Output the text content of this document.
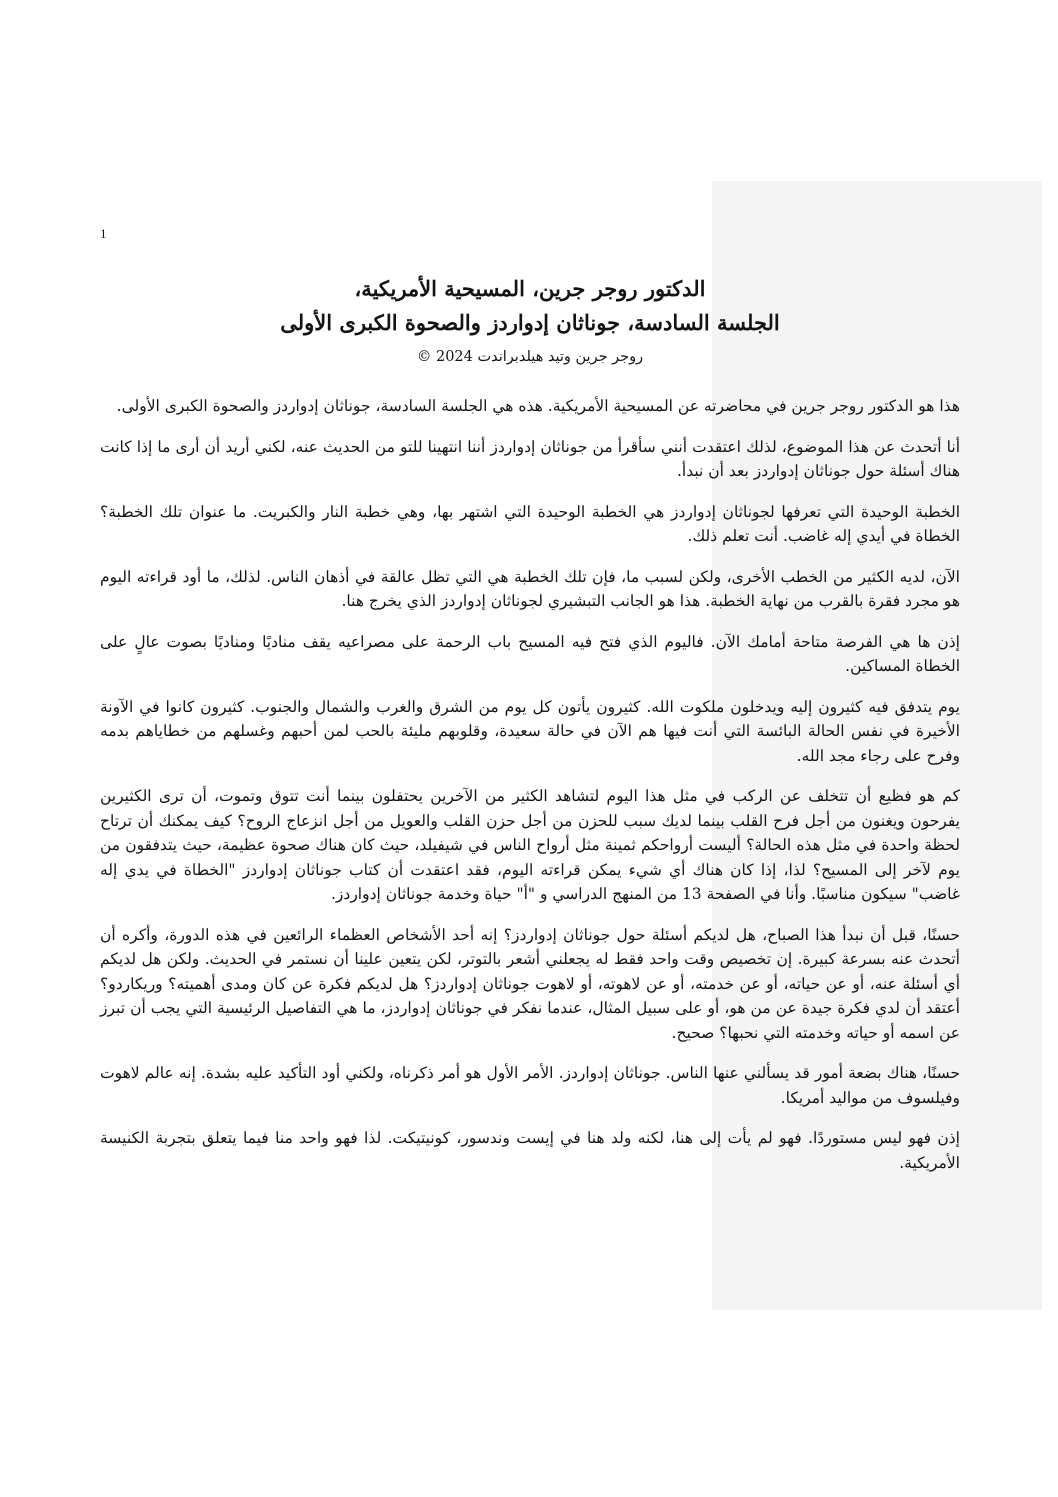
1
الدكتور روجر جرين، المسيحية الأمريكية،
الجلسة السادسة، جوناثان إدواردز والصحوة الكبرى الأولى
روجر جرين وتيد هيلدبراندت 2024 ©

هذا هو الدكتور روجر جرين في محاضرته عن المسيحية الأمريكية. هذه هي الجلسة السادسة، جوناثان إدواردز والصحوة الكبرى الأولى.

أنا أتحدث عن هذا الموضوع، لذلك اعتقدت أنني سأقرأ من جوناثان إدواردز أننا انتهينا للتو من الحديث عنه، لكني أريد أن أرى ما إذا كانت هناك أسئلة حول جوناثان إدواردز بعد أن نبدأ.

الخطبة الوحيدة التي تعرفها لجوناثان إدواردز هي الخطبة الوحيدة التي اشتهر بها، وهي خطبة النار والكبريت. ما عنوان تلك الخطبة؟ الخطاة في أيدي إله غاضب. أنت تعلم ذلك.

الآن، لديه الكثير من الخطب الأخرى، ولكن لسبب ما، فإن تلك الخطبة هي التي تظل عالقة في أذهان الناس. لذلك، ما أود قراءته اليوم هو مجرد فقرة بالقرب من نهاية الخطبة. هذا هو الجانب التبشيري لجوناثان إدواردز الذي يخرج هنا.

إذن ها هي الفرصة متاحة أمامك الآن. فاليوم الذي فتح فيه المسيح باب الرحمة على مصراعيه يقف مناديًا ومناديًا بصوت عالٍ على الخطاة المساكين.

يوم يتدفق فيه كثيرون إليه ويدخلون ملكوت الله. كثيرون يأتون كل يوم من الشرق والغرب والشمال والجنوب. كثيرون كانوا في الآونة الأخيرة في نفس الحالة البائسة التي أنت فيها هم الآن في حالة سعيدة، وقلوبهم مليئة بالحب لمن أحبهم وغسلهم من خطاياهم بدمه وفرح على رجاء مجد الله.

كم هو فظيع أن تتخلف عن الركب في مثل هذا اليوم لتشاهد الكثير من الآخرين يحتفلون بينما أنت تتوق وتموت، أن ترى الكثيرين يفرحون ويغنون من أجل فرح القلب بينما لديك سبب للحزن من أجل حزن القلب والعويل من أجل انزعاج الروح؟ كيف يمكنك أن ترتاح لحظة واحدة في مثل هذه الحالة؟ أليست أرواحكم ثمينة مثل أرواح الناس في شيفيلد، حيث كان هناك صحوة عظيمة، حيث يتدفقون من يوم لآخر إلى المسيح؟ لذا، إذا كان هناك أي شيء يمكن قراءته اليوم، فقد اعتقدت أن كتاب جوناثان إدواردز "الخطاة في يدي إله غاضب" سيكون مناسبًا. وأنا في الصفحة 13 من المنهج الدراسي و "أ" حياة وخدمة جوناثان إدواردز.

حسنًا، قبل أن نبدأ هذا الصباح، هل لديكم أسئلة حول جوناثان إدواردز؟ إنه أحد الأشخاص العظماء الرائعين في هذه الدورة، وأكره أن أتحدث عنه بسرعة كبيرة. إن تخصيص وقت واحد فقط له يجعلني أشعر بالتوتر، لكن يتعين علينا أن نستمر في الحديث. ولكن هل لديكم أي أسئلة عنه، أو عن حياته، أو عن خدمته، أو عن لاهوته، أو لاهوت جوناثان إدواردز؟ هل لديكم فكرة عن كان ومدى أهميته؟ وريكاردو؟ أعتقد أن لدي فكرة جيدة عن من هو، أو على سبيل المثال، عندما نفكر في جوناثان إدواردز، ما هي التفاصيل الرئيسية التي يجب أن تبرز عن اسمه أو حياته وخدمته التي نحبها؟ صحيح.

حسنًا، هناك بضعة أمور قد يسألني عنها الناس. جوناثان إدواردز. الأمر الأول هو أمر ذكرناه، ولكني أود التأكيد عليه بشدة. إنه عالم لاهوت وفيلسوف من مواليد أمريكا.

إذن فهو ليس مستوردًا. فهو لم يأت إلى هنا، لكنه ولد هنا في إيست وندسور، كونيتيكت. لذا فهو واحد منا فيما يتعلق بتجربة الكنيسة الأمريكية.
